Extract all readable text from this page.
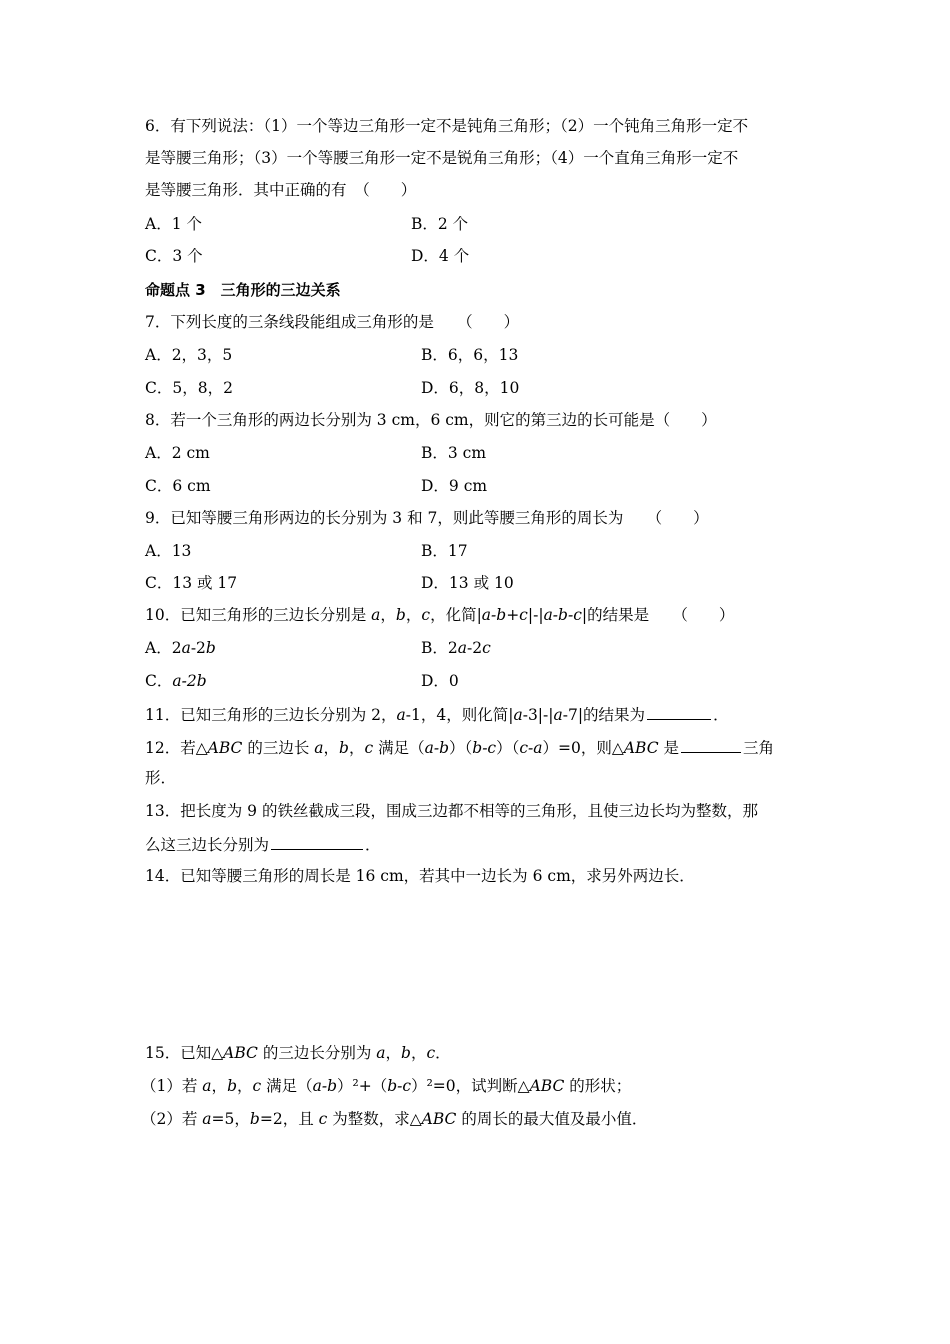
6．有下列说法：（1）一个等边三角形一定不是钝角三角形；（2）一个钝角三角形一定不
是等腰三角形；（3）一个等腰三角形一定不是锐角三角形；（4）一个直角三角形一定不
是等腰三角形．其中正确的有　（　　）
A．1 个	B．2 个
C．3 个	D．4 个
命题点 3　三角形的三边关系
7．下列长度的三条线段能组成三角形的是　　（　　）
A．2，3，5	B．6，6，13
C．5，8，2	D．6，8，10
8．若一个三角形的两边长分别为 3 cm，6 cm，则它的第三边的长可能是（　　）
A．2 cm	B．3 cm
C．6 cm	D．9 cm
9．已知等腰三角形两边的长分别为 3 和 7，则此等腰三角形的周长为　　（　　）
A．13	B．17
C．13 或 17	D．13 或 10
10．已知三角形的三边长分别是 a，b，c，化简|a-b+c|-|a-b-c|的结果是　　（　　）
A．2a-2b	B．2a-2c
C．a-2b	D．0
11．已知三角形的三边长分别为 2，a-1，4，则化简|a-3|-|a-7|的结果为	．
12．若△ABC 的三边长 a，b，c 满足（a-b）（b-c）（c-a）=0，则△ABC 是	三角
形．
13．把长度为 9 的铁丝截成三段，围成三边都不相等的三角形，且使三边长均为整数，那
么这三边长分别为	．
14．已知等腰三角形的周长是 16 cm，若其中一边长为 6 cm，求另外两边长．
15．已知△ABC 的三边长分别为 a，b，c．
（1）若 a，b，c 满足（a-b）²+（b-c）²=0，试判断△ABC 的形状；
（2）若 a=5，b=2，且 c 为整数，求△ABC 的周长的最大值及最小值．
